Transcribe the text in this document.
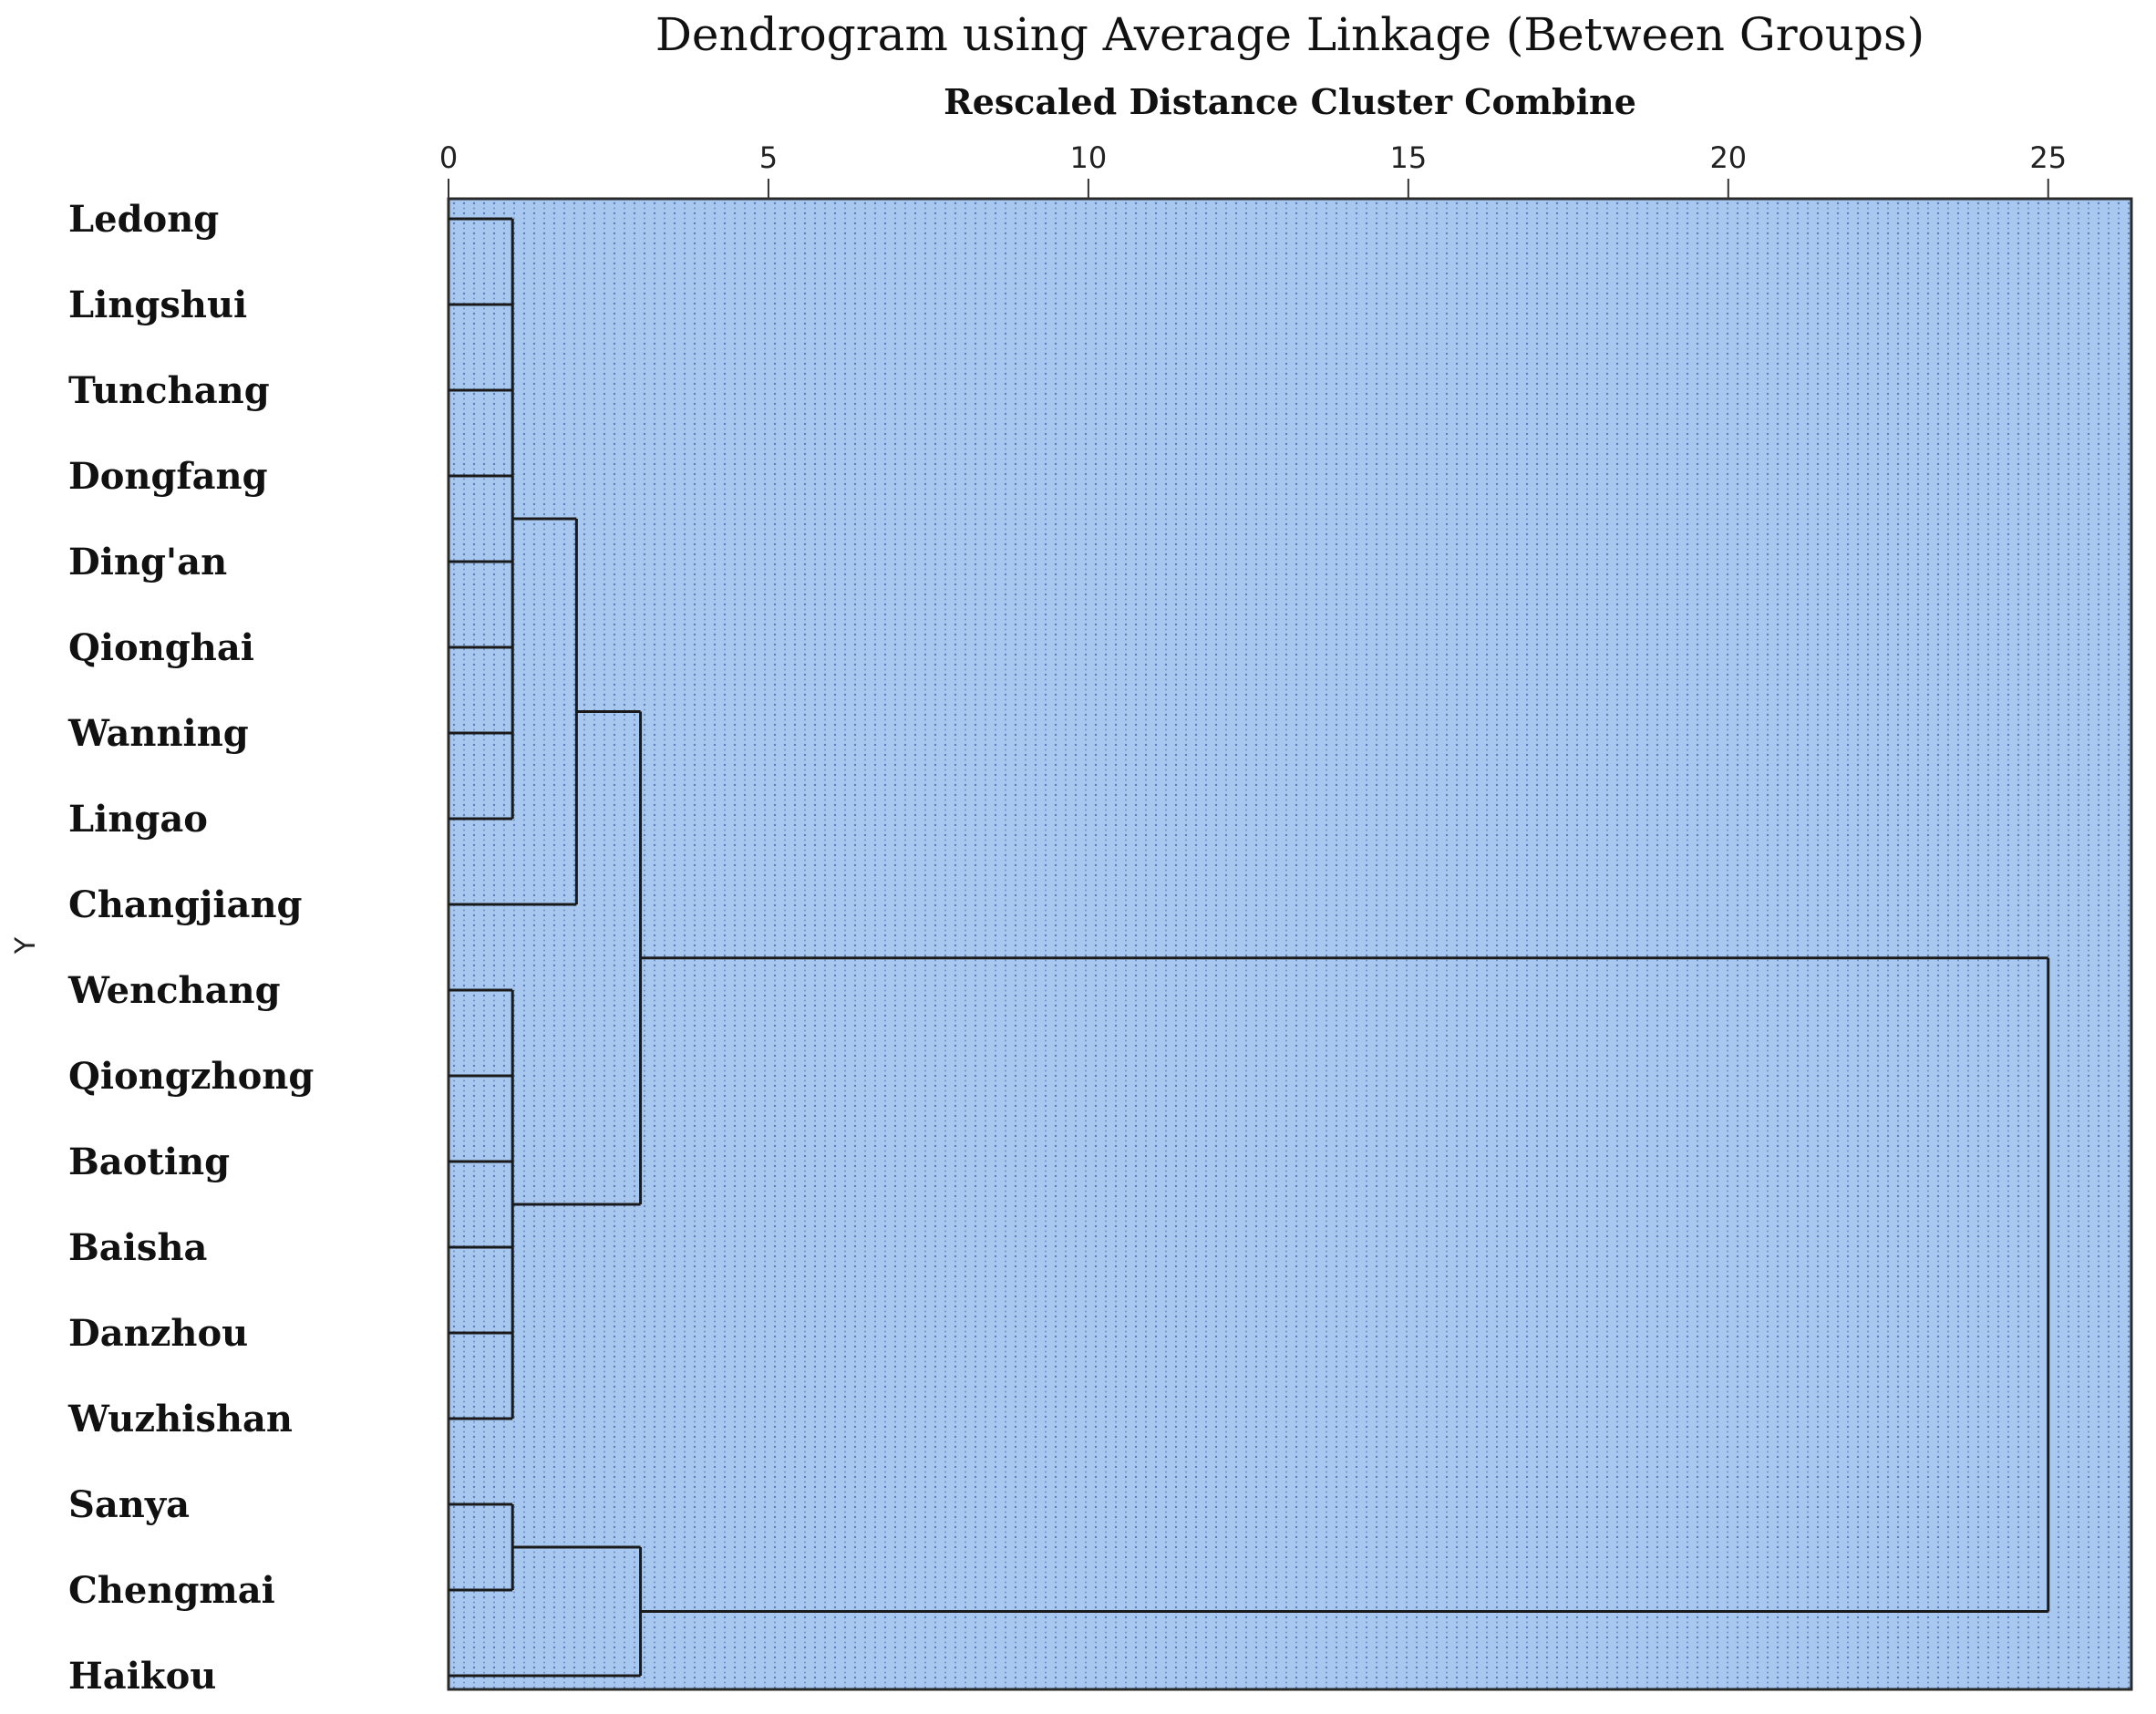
Dendrogram using Average Linkage (Between Groups)
Rescaled Distance Cluster Combine
Y
0	5	10	15	20	25
Ledong
Lingshui
Tunchang
Dongfang
Ding'an
Qionghai
Wanning
Lingao
Changjiang
Wenchang
Qiongzhong
Baoting
Baisha
Danzhou
Wuzhishan
Sanya
Chengmai
Haikou
